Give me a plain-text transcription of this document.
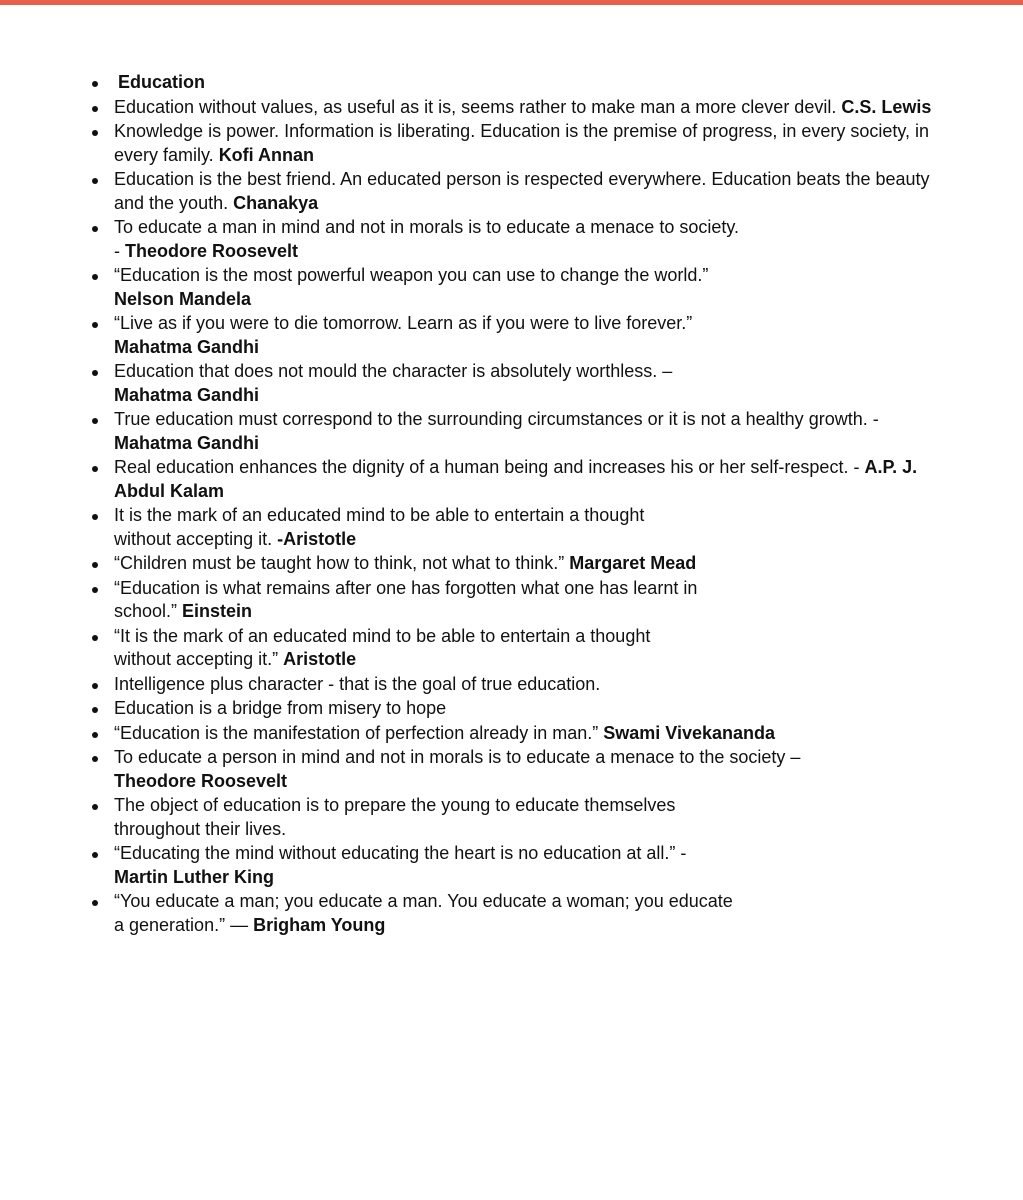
Education
Education without values, as useful as it is, seems rather to make man a more clever devil. C.S. Lewis
Knowledge is power. Information is liberating. Education is the premise of progress, in every society, in every family. Kofi Annan
Education is the best friend. An educated person is respected everywhere. Education beats the beauty and the youth. Chanakya
To educate a man in mind and not in morals is to educate a menace to society.
- Theodore Roosevelt
“Education is the most powerful weapon you can use to change the world.”
Nelson Mandela
“Live as if you were to die tomorrow. Learn as if you were to live forever.”
Mahatma Gandhi
Education that does not mould the character is absolutely worthless. –
Mahatma Gandhi
True education must correspond to the surrounding circumstances or it is not a healthy growth. - Mahatma Gandhi
Real education enhances the dignity of a human being and increases his or her self-respect. - A.P. J. Abdul Kalam
It is the mark of an educated mind to be able to entertain a thought
without accepting it. -Aristotle
“Children must be taught how to think, not what to think.” Margaret Mead
“Education is what remains after one has forgotten what one has learnt in
school.” Einstein
“It is the mark of an educated mind to be able to entertain a thought
without accepting it.” Aristotle
Intelligence plus character - that is the goal of true education.
Education is a bridge from misery to hope
“Education is the manifestation of perfection already in man.” Swami Vivekananda
To educate a person in mind and not in morals is to educate a menace to the society –
Theodore Roosevelt
The object of education is to prepare the young to educate themselves
throughout their lives.
“Educating the mind without educating the heart is no education at all.” -
Martin Luther King
“You educate a man; you educate a man. You educate a woman; you educate
a generation.” — Brigham Young
